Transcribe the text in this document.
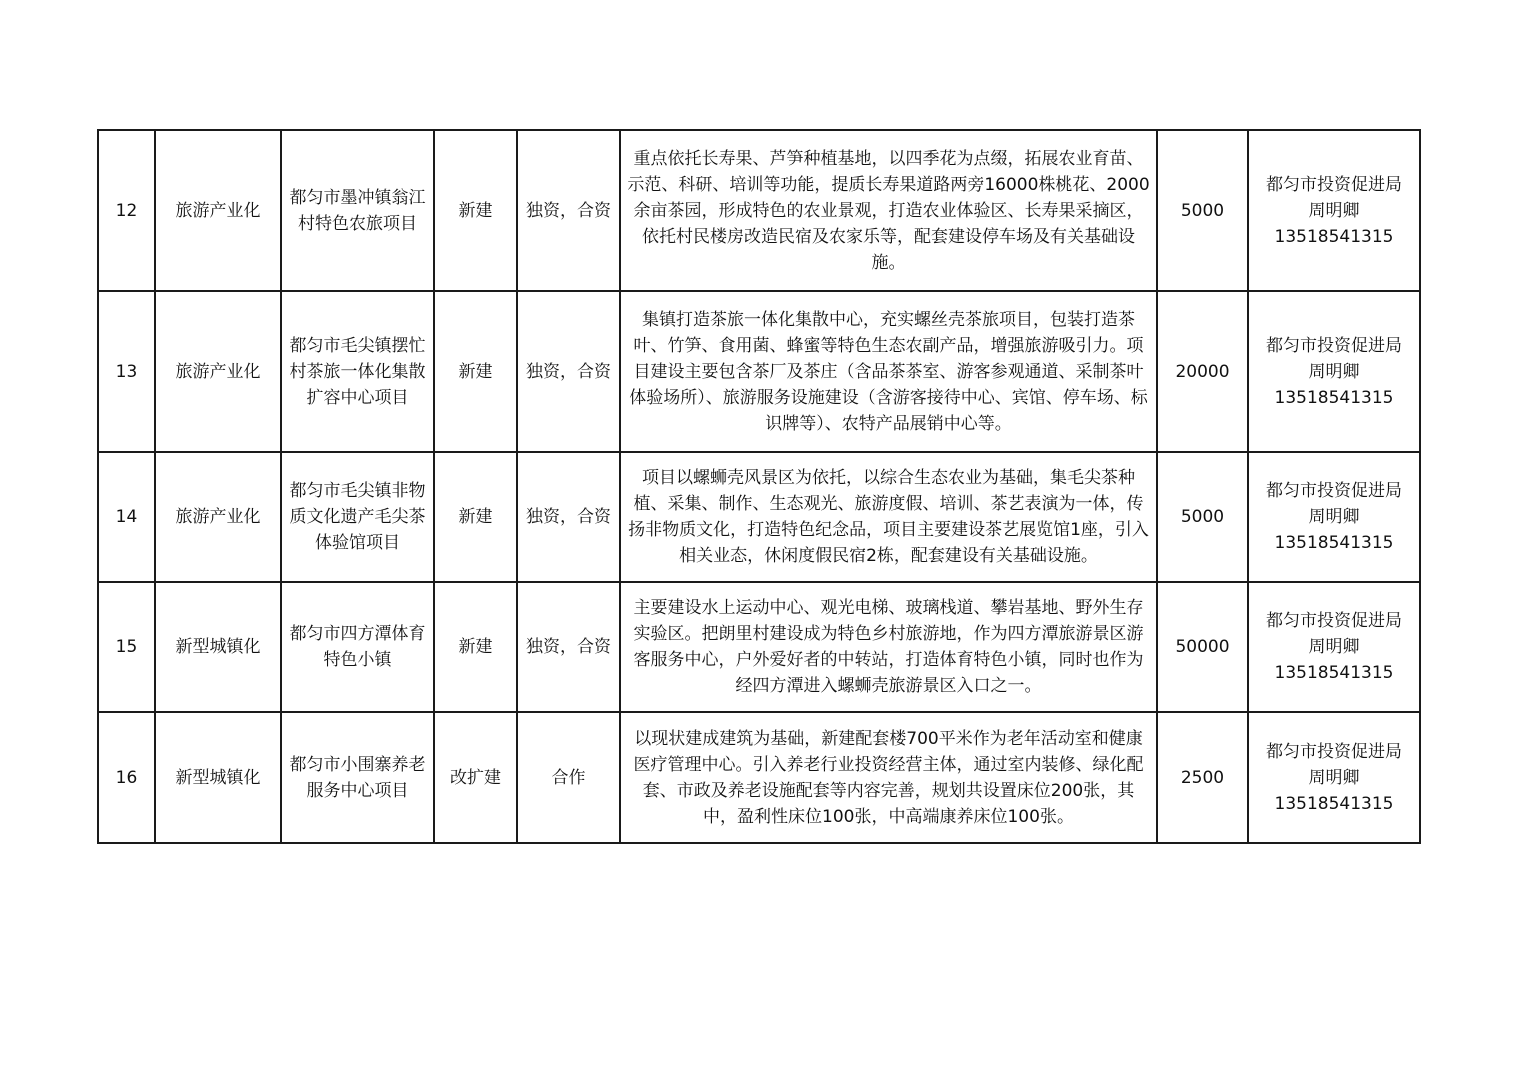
12	旅游产业化	都匀市墨冲镇翁江村特色农旅项目	新建	独资，合资	重点依托长寿果、芦笋种植基地，以四季花为点缀，拓展农业育苗、示范、科研、培训等功能，提质长寿果道路两旁16000株桃花、2000余亩茶园，形成特色的农业景观，打造农业体验区、长寿果采摘区，依托村民楼房改造民宿及农家乐等，配套建设停车场及有关基础设施。	5000	都匀市投资促进局
周明卿
13518541315

13	旅游产业化	都匀市毛尖镇摆忙村茶旅一体化集散扩容中心项目	新建	独资，合资	集镇打造茶旅一体化集散中心，充实螺丝壳茶旅项目，包装打造茶叶、竹笋、食用菌、蜂蜜等特色生态农副产品，增强旅游吸引力。项目建设主要包含茶厂及茶庄（含品茶茶室、游客参观通道、采制茶叶体验场所）、旅游服务设施建设（含游客接待中心、宾馆、停车场、标识牌等）、农特产品展销中心等。	20000	都匀市投资促进局
周明卿
13518541315

14	旅游产业化	都匀市毛尖镇非物质文化遗产毛尖茶体验馆项目	新建	独资，合资	项目以螺蛳壳风景区为依托，以综合生态农业为基础，集毛尖茶种植、采集、制作、生态观光、旅游度假、培训、茶艺表演为一体，传扬非物质文化，打造特色纪念品，项目主要建设茶艺展览馆1座，引入相关业态，休闲度假民宿2栋，配套建设有关基础设施。	5000	都匀市投资促进局
周明卿
13518541315

15	新型城镇化	都匀市四方潭体育特色小镇	新建	独资，合资	主要建设水上运动中心、观光电梯、玻璃栈道、攀岩基地、野外生存实验区。把朗里村建设成为特色乡村旅游地，作为四方潭旅游景区游客服务中心，户外爱好者的中转站，打造体育特色小镇，同时也作为经四方潭进入螺蛳壳旅游景区入口之一。	50000	都匀市投资促进局
周明卿
13518541315

16	新型城镇化	都匀市小围寨养老服务中心项目	改扩建	合作	以现状建成建筑为基础，新建配套楼700平米作为老年活动室和健康医疗管理中心。引入养老行业投资经营主体，通过室内装修、绿化配套、市政及养老设施配套等内容完善，规划共设置床位200张，其中，盈利性床位100张，中高端康养床位100张。	2500	都匀市投资促进局
周明卿
13518541315
